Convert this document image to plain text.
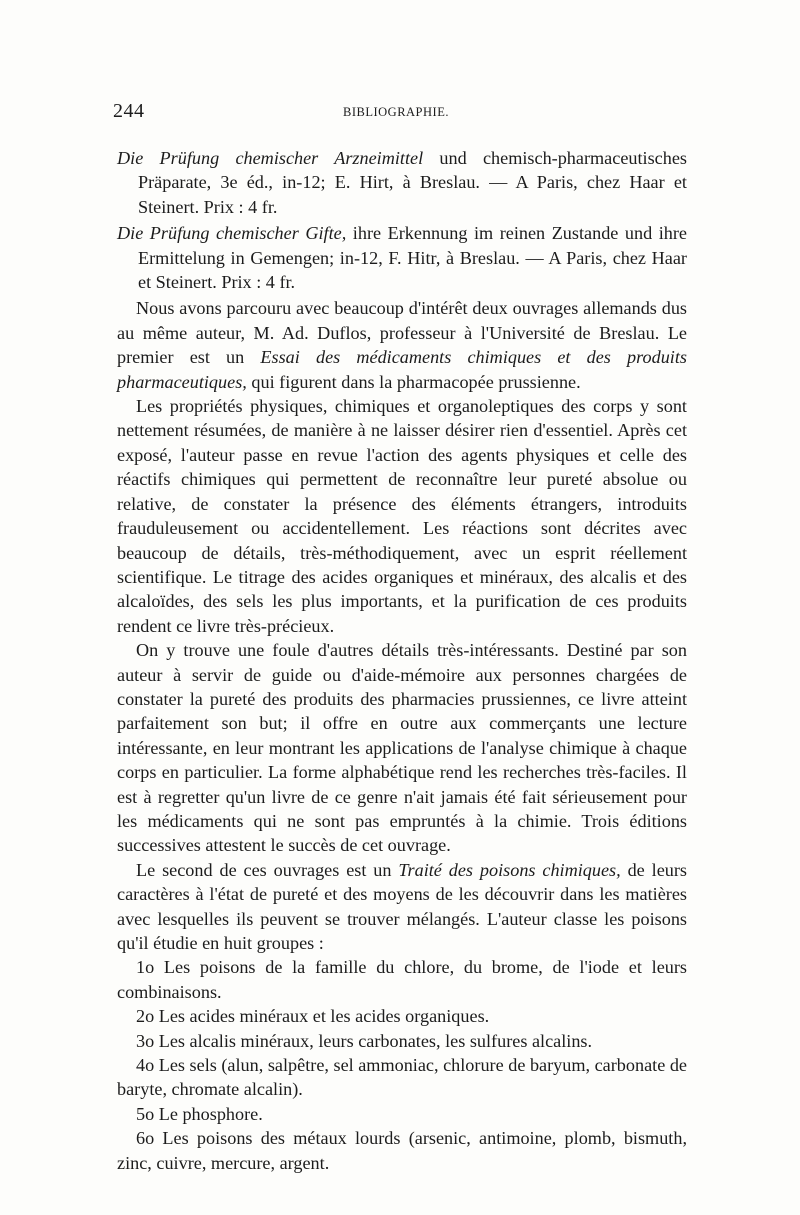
244	BIBLIOGRAPHIE.

Die Prüfung chemischer Arzneimittel und chemisch-pharmaceutisches Präparate, 3e éd., in-12; E. Hirt, à Breslau. — A Paris, chez Haar et Steinert. Prix : 4 fr.

Die Prüfung chemischer Gifte, ihre Erkennung im reinen Zustande und ihre Ermittelung in Gemengen; in-12, F. Hitr, à Breslau. — A Paris, chez Haar et Steinert. Prix : 4 fr.

Nous avons parcouru avec beaucoup d'intérêt deux ouvrages allemands dus au même auteur, M. Ad. Duflos, professeur à l'Université de Breslau. Le premier est un Essai des médicaments chimiques et des produits pharmaceutiques, qui figurent dans la pharmacopée prussienne.

Les propriétés physiques, chimiques et organoleptiques des corps y sont nettement résumées, de manière à ne laisser désirer rien d'essentiel. Après cet exposé, l'auteur passe en revue l'action des agents physiques et celle des réactifs chimiques qui permettent de reconnaître leur pureté absolue ou relative, de constater la présence des éléments étrangers, introduits frauduleusement ou accidentellement. Les réactions sont décrites avec beaucoup de détails, très-méthodiquement, avec un esprit réellement scientifique. Le titrage des acides organiques et minéraux, des alcalis et des alcaloïdes, des sels les plus importants, et la purification de ces produits rendent ce livre très-précieux.

On y trouve une foule d'autres détails très-intéressants. Destiné par son auteur à servir de guide ou d'aide-mémoire aux personnes chargées de constater la pureté des produits des pharmacies prussiennes, ce livre atteint parfaitement son but; il offre en outre aux commerçants une lecture intéressante, en leur montrant les applications de l'analyse chimique à chaque corps en particulier. La forme alphabétique rend les recherches très-faciles. Il est à regretter qu'un livre de ce genre n'ait jamais été fait sérieusement pour les médicaments qui ne sont pas empruntés à la chimie. Trois éditions successives attestent le succès de cet ouvrage.

Le second de ces ouvrages est un Traité des poisons chimiques, de leurs caractères à l'état de pureté et des moyens de les découvrir dans les matières avec lesquelles ils peuvent se trouver mélangés. L'auteur classe les poisons qu'il étudie en huit groupes :

1o Les poisons de la famille du chlore, du brome, de l'iode et leurs combinaisons.

2o Les acides minéraux et les acides organiques.

3o Les alcalis minéraux, leurs carbonates, les sulfures alcalins.

4o Les sels (alun, salpêtre, sel ammoniac, chlorure de baryum, carbonate de baryte, chromate alcalin).

5o Le phosphore.

6o Les poisons des métaux lourds (arsenic, antimoine, plomb, bismuth, zinc, cuivre, mercure, argent.
